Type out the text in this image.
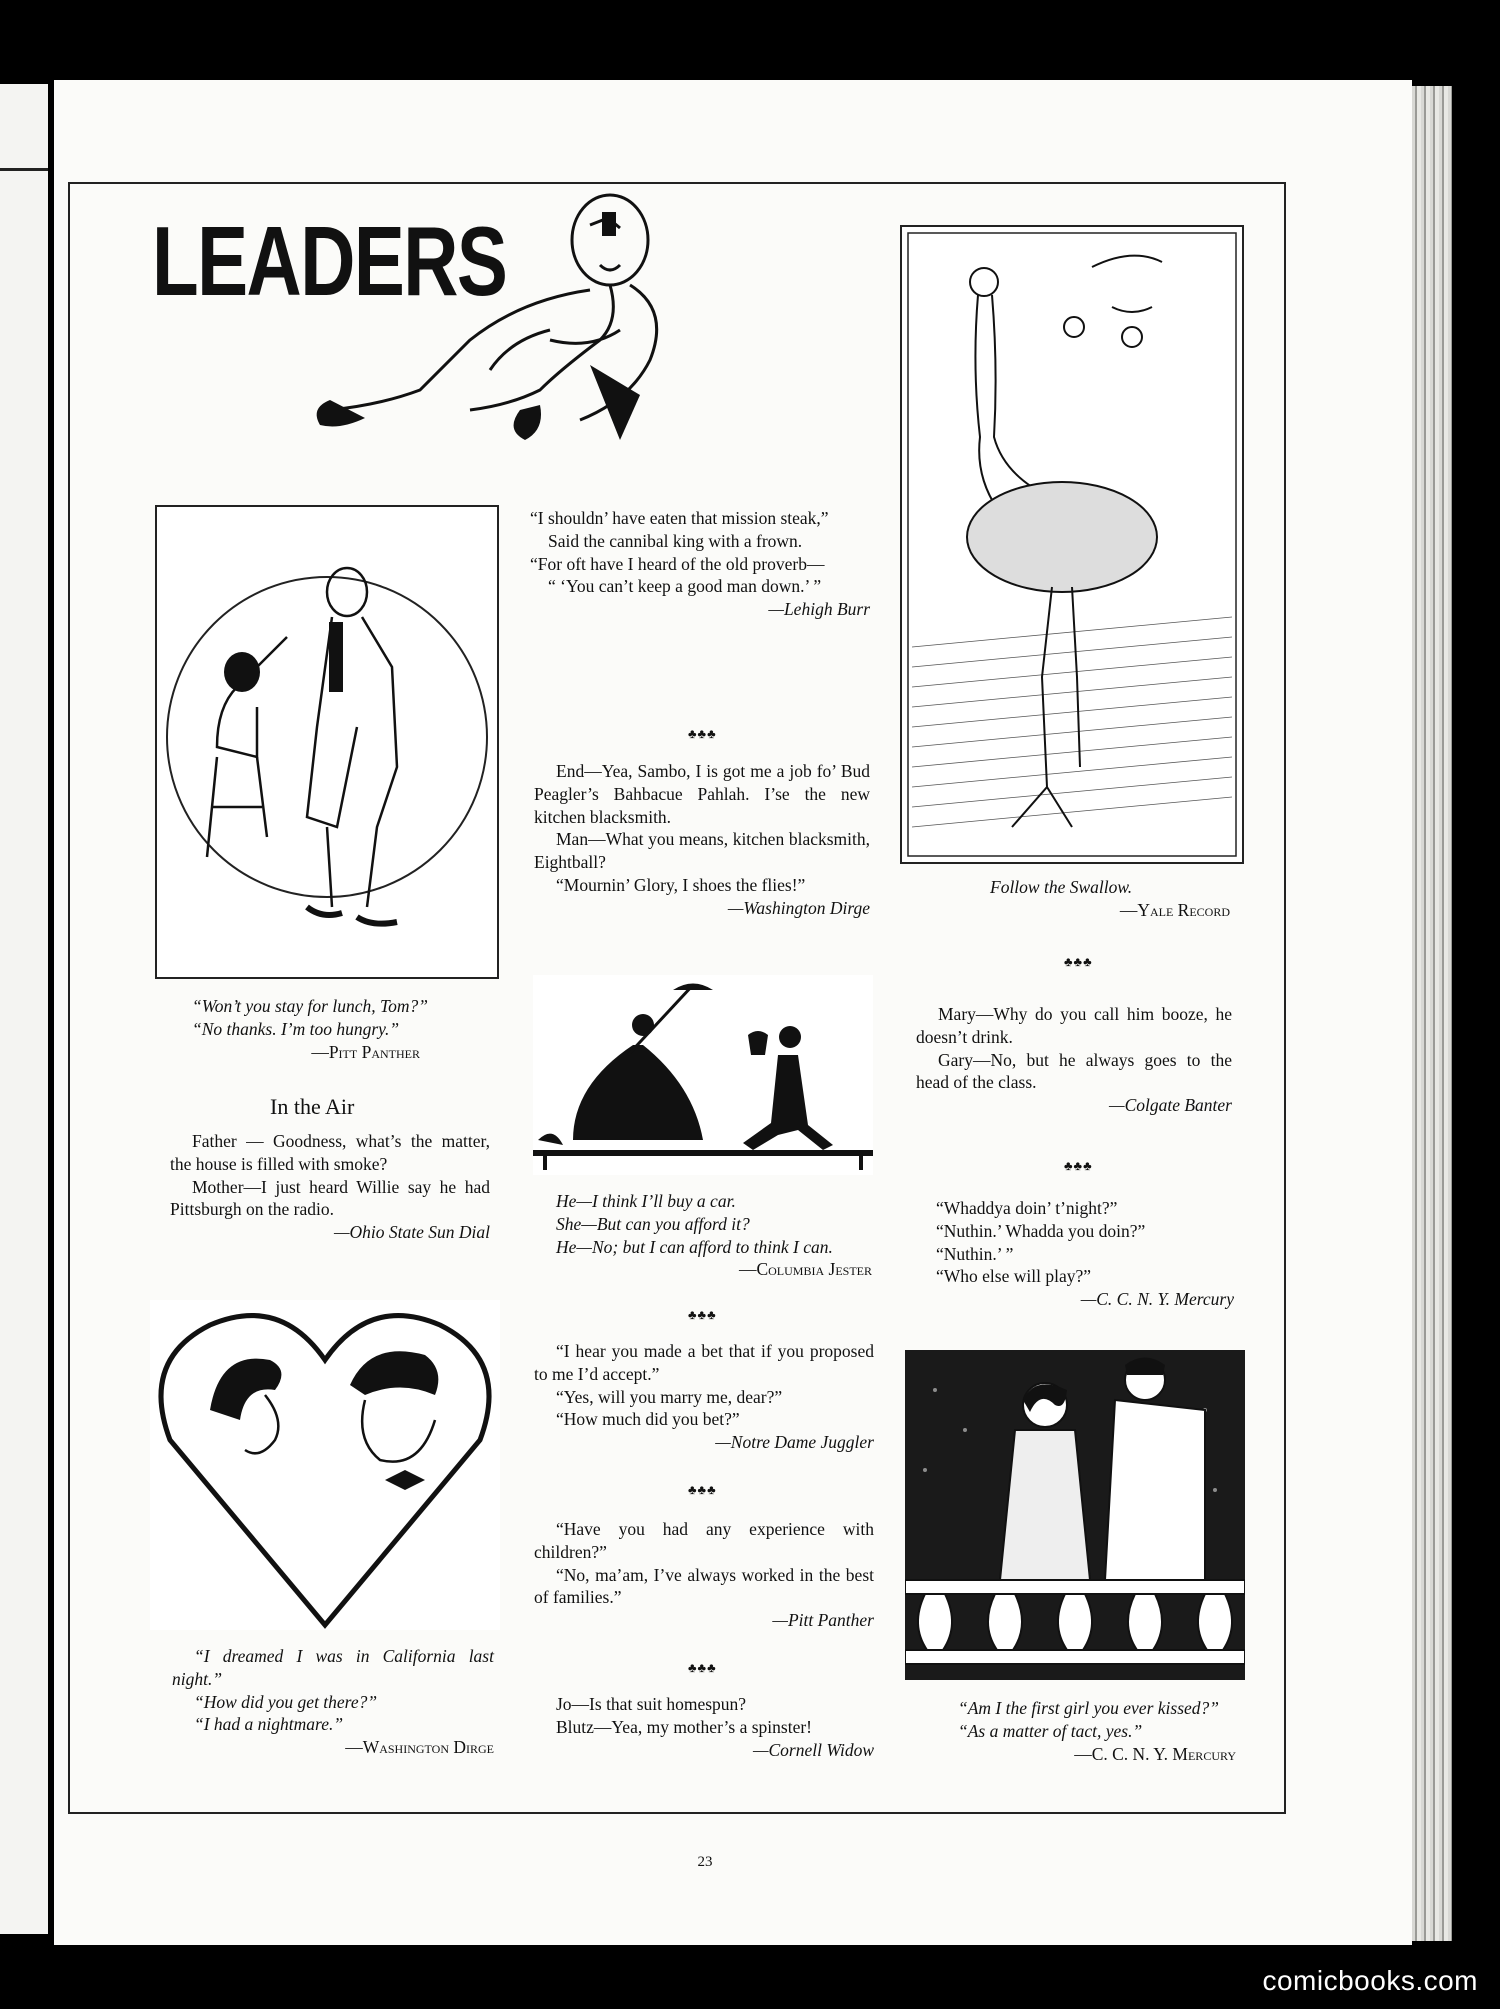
LEADERS

“I shouldn’ have eaten that mission steak,”

Said the cannibal king with a frown.

“For oft have I heard of the old proverb—

“ ‘You can’t keep a good man down.’ ”

—Lehigh Burr

♣♣♣

End—Yea, Sambo, I is got me a job fo’ Bud Peagler’s Bahbacue Pahlah. I’se the new kitchen blacksmith.

Man—What you means, kitchen blacksmith, Eightball?

“Mournin’ Glory, I shoes the flies!”

—Washington Dirge

“Won’t you stay for lunch, Tom?”

“No thanks. I’m too hungry.”

—Pitt Panther

In the Air

Father — Goodness, what’s the matter, the house is filled with smoke?

Mother—I just heard Willie say he had Pittsburgh on the radio.

—Ohio State Sun Dial

He—I think I’ll buy a car.

She—But can you afford it?

He—No; but I can afford to think I can.

—Columbia Jester

♣♣♣

Follow the Swallow.

—Yale Record

♣♣♣

Mary—Why do you call him booze, he doesn’t drink.

Gary—No, but he always goes to the head of the class.

—Colgate Banter

♣♣♣

“Whaddya doin’ t’night?”

“Nuthin.’ Whadda you doin?”

“Nuthin.’ ”

“Who else will play?”

—C. C. N. Y. Mercury

“I hear you made a bet that if you proposed to me I’d accept.”

“Yes, will you marry me, dear?”

“How much did you bet?”

—Notre Dame Juggler

♣♣♣

“Have you had any experience with children?”

“No, ma’am, I’ve always worked in the best of families.”

—Pitt Panther

♣♣♣

Jo—Is that suit homespun?

Blutz—Yea, my mother’s a spinster!

—Cornell Widow

“I dreamed I was in California last night.”

“How did you get there?”

“I had a nightmare.”

—Washington Dirge

“Am I the first girl you ever kissed?”

“As a matter of tact, yes.”

—C. C. N. Y. Mercury

23
comicbooks.com
